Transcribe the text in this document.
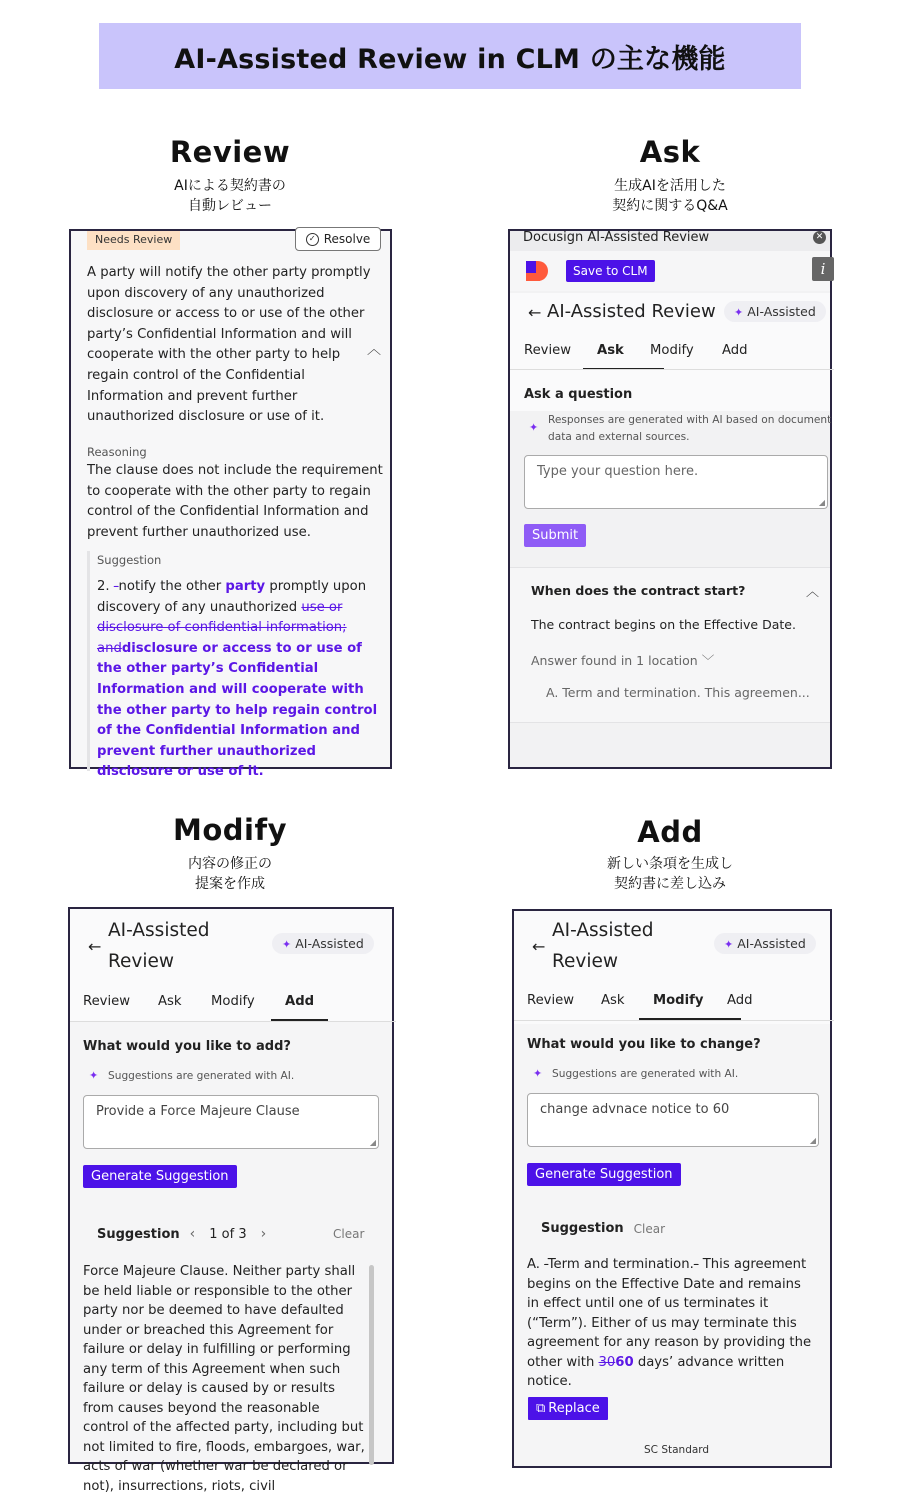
AI-Assisted Review in CLM の主な機能
Review
AIによる契約書の
自動レビュー
Ask
生成AIを活用した
契約に関するQ&A
Modify
内容の修正の
提案を作成
Add
新しい条項を生成し
契約書に差し込み
Needs Review	✓ Resolve
A party will notify the other party promptly upon discovery of any unauthorized disclosure or access to or use of the other party’s Confidential Information and will cooperate with the other party to help regain control of the Confidential Information and prevent further unauthorized disclosure or use of it.
︿
Reasoning
The clause does not include the requirement to cooperate with the other party to regain control of the Confidential Information and prevent further unauthorized use.
Suggestion
2. -notify the other party promptly upon discovery of any unauthorized use or disclosure of confidential information; anddisclosure or access to or use of the other party’s Confidential Information and will cooperate with the other party to help regain control of the Confidential Information and prevent further unauthorized disclosure or use of it.
Docusign AI-Assisted Review	✕
Save to CLM	i
← AI-Assisted Review	✦ AI-Assisted
Review	Ask	Modify	Add
Ask a question
✦
Responses are generated with AI based on document data and external sources.
Type your question here.
◢
Submit
When does the contract start?	︿
The contract begins on the Effective Date.
Answer found in 1 location ﹀
A. Term and termination. This agreemen...
←
AI-Assisted Review
✦ AI-Assisted
Review	Ask	Modify	Add
What would you like to add?
✦ Suggestions are generated with AI.
Provide a Force Majeure Clause
◢
Generate Suggestion
Suggestion ‹ 1 of 3 ›	Clear
Force Majeure Clause. Neither party shall be held liable or responsible to the other party nor be deemed to have defaulted under or breached this Agreement for failure or delay in fulfilling or performing any term of this Agreement when such failure or delay is caused by or results from causes beyond the reasonable control of the affected party, including but not limited to fire, floods, embargoes, war, acts of war (whether war be declared or not), insurrections, riots, civil
←
AI-Assisted Review
✦ AI-Assisted
Review	Ask	Modify	Add
What would you like to change?
✦ Suggestions are generated with AI.
change advnace notice to 60
◢
Generate Suggestion
Suggestion Clear
A. -Term and termination.- This agreement begins on the Effective Date and remains in effect until one of us terminates it (“Term”). Either of us may terminate this agreement for any reason by providing the other with 3060 days’ advance written notice.
⧉ Replace
SC Standard
